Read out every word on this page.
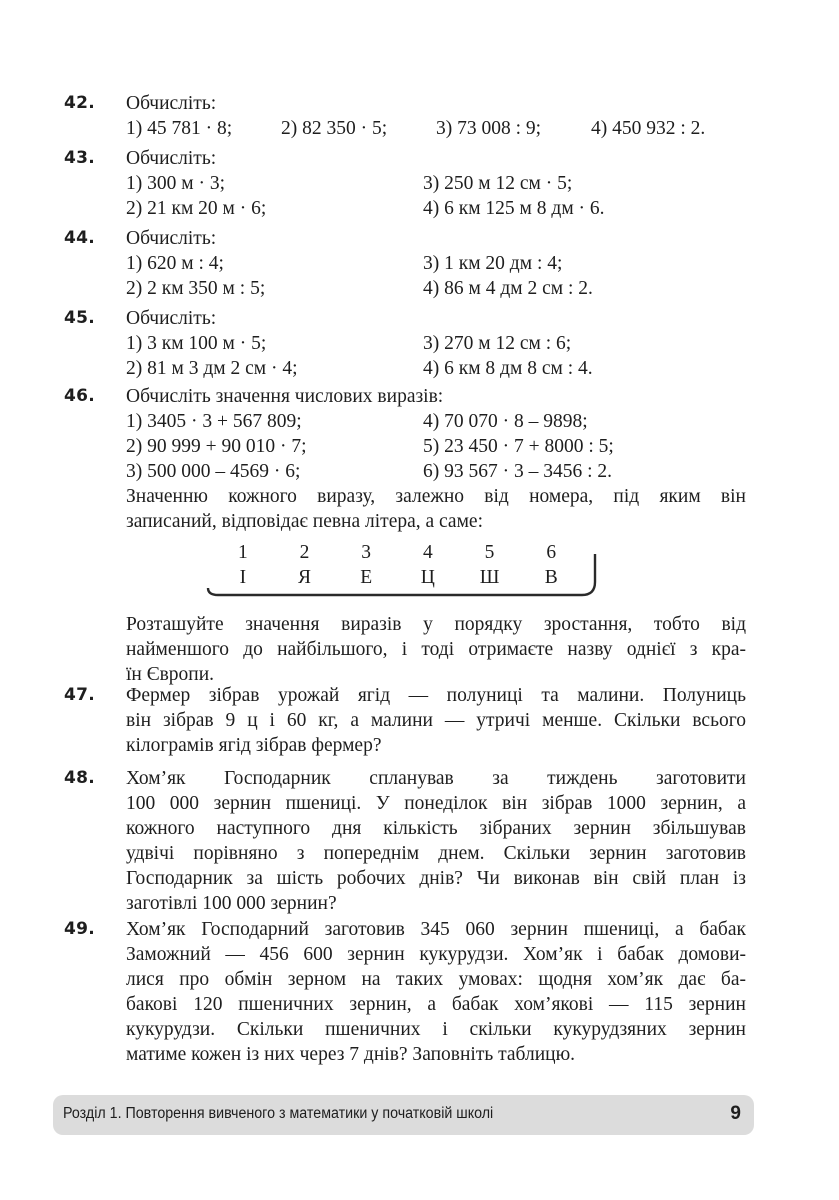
42. Обчисліть:
1) 45 781 · 8;	2) 82 350 · 5;	3) 73 008 : 9;	4) 450 932 : 2.
43. Обчисліть:
1) 300 м · 3;	3) 250 м 12 см · 5;
2) 21 км 20 м · 6;	4) 6 км 125 м 8 дм · 6.
44. Обчисліть:
1) 620 м : 4;	3) 1 км 20 дм : 4;
2) 2 км 350 м : 5;	4) 86 м 4 дм 2 см : 2.
45. Обчисліть:
1) 3 км 100 м · 5;	3) 270 м 12 см : 6;
2) 81 м 3 дм 2 см · 4;	4) 6 км 8 дм 8 см : 4.
46. Обчисліть значення числових виразів:
1) 3405 · 3 + 567 809;	4) 70 070 · 8 – 9898;
2) 90 999 + 90 010 · 7;	5) 23 450 · 7 + 8000 : 5;
3) 500 000 – 4569 · 6;	6) 93 567 · 3 – 3456 : 2.
Значенню кожного виразу, залежно від номера, під яким він
записаний, відповідає певна літера, а саме:
1	2	3	4	5	6
І	Я	Е	Ц	Ш	В
Розташуйте значення виразів у порядку зростання, тобто від
найменшого до найбільшого, і тоді отримаєте назву однієї з кра-
їн Європи.
47. Фермер зібрав урожай ягід — полуниці та малини. Полуниць
він зібрав 9 ц і 60 кг, а малини — утричі менше. Скільки всього
кілограмів ягід зібрав фермер?
48. Хом’як Господарник спланував за тиждень заготовити
100 000 зернин пшениці. У понеділок він зібрав 1000 зернин, а
кожного наступного дня кількість зібраних зернин збільшував
удвічі порівняно з попереднім днем. Скільки зернин заготовив
Господарник за шість робочих днів? Чи виконав він свій план із
заготівлі 100 000 зернин?
49. Хом’як Господарний заготовив 345 060 зернин пшениці, а бабак
Заможний — 456 600 зернин кукурудзи. Хом’як і бабак домови-
лися про обмін зерном на таких умовах: щодня хом’як дає ба-
бакові 120 пшеничних зернин, а бабак хом’якові — 115 зернин
кукурудзи. Скільки пшеничних і скільки кукурудзяних зернин
матиме кожен із них через 7 днів? Заповніть таблицю.
Розділ 1. Повторення вивченого з математики у початковій школі	9
